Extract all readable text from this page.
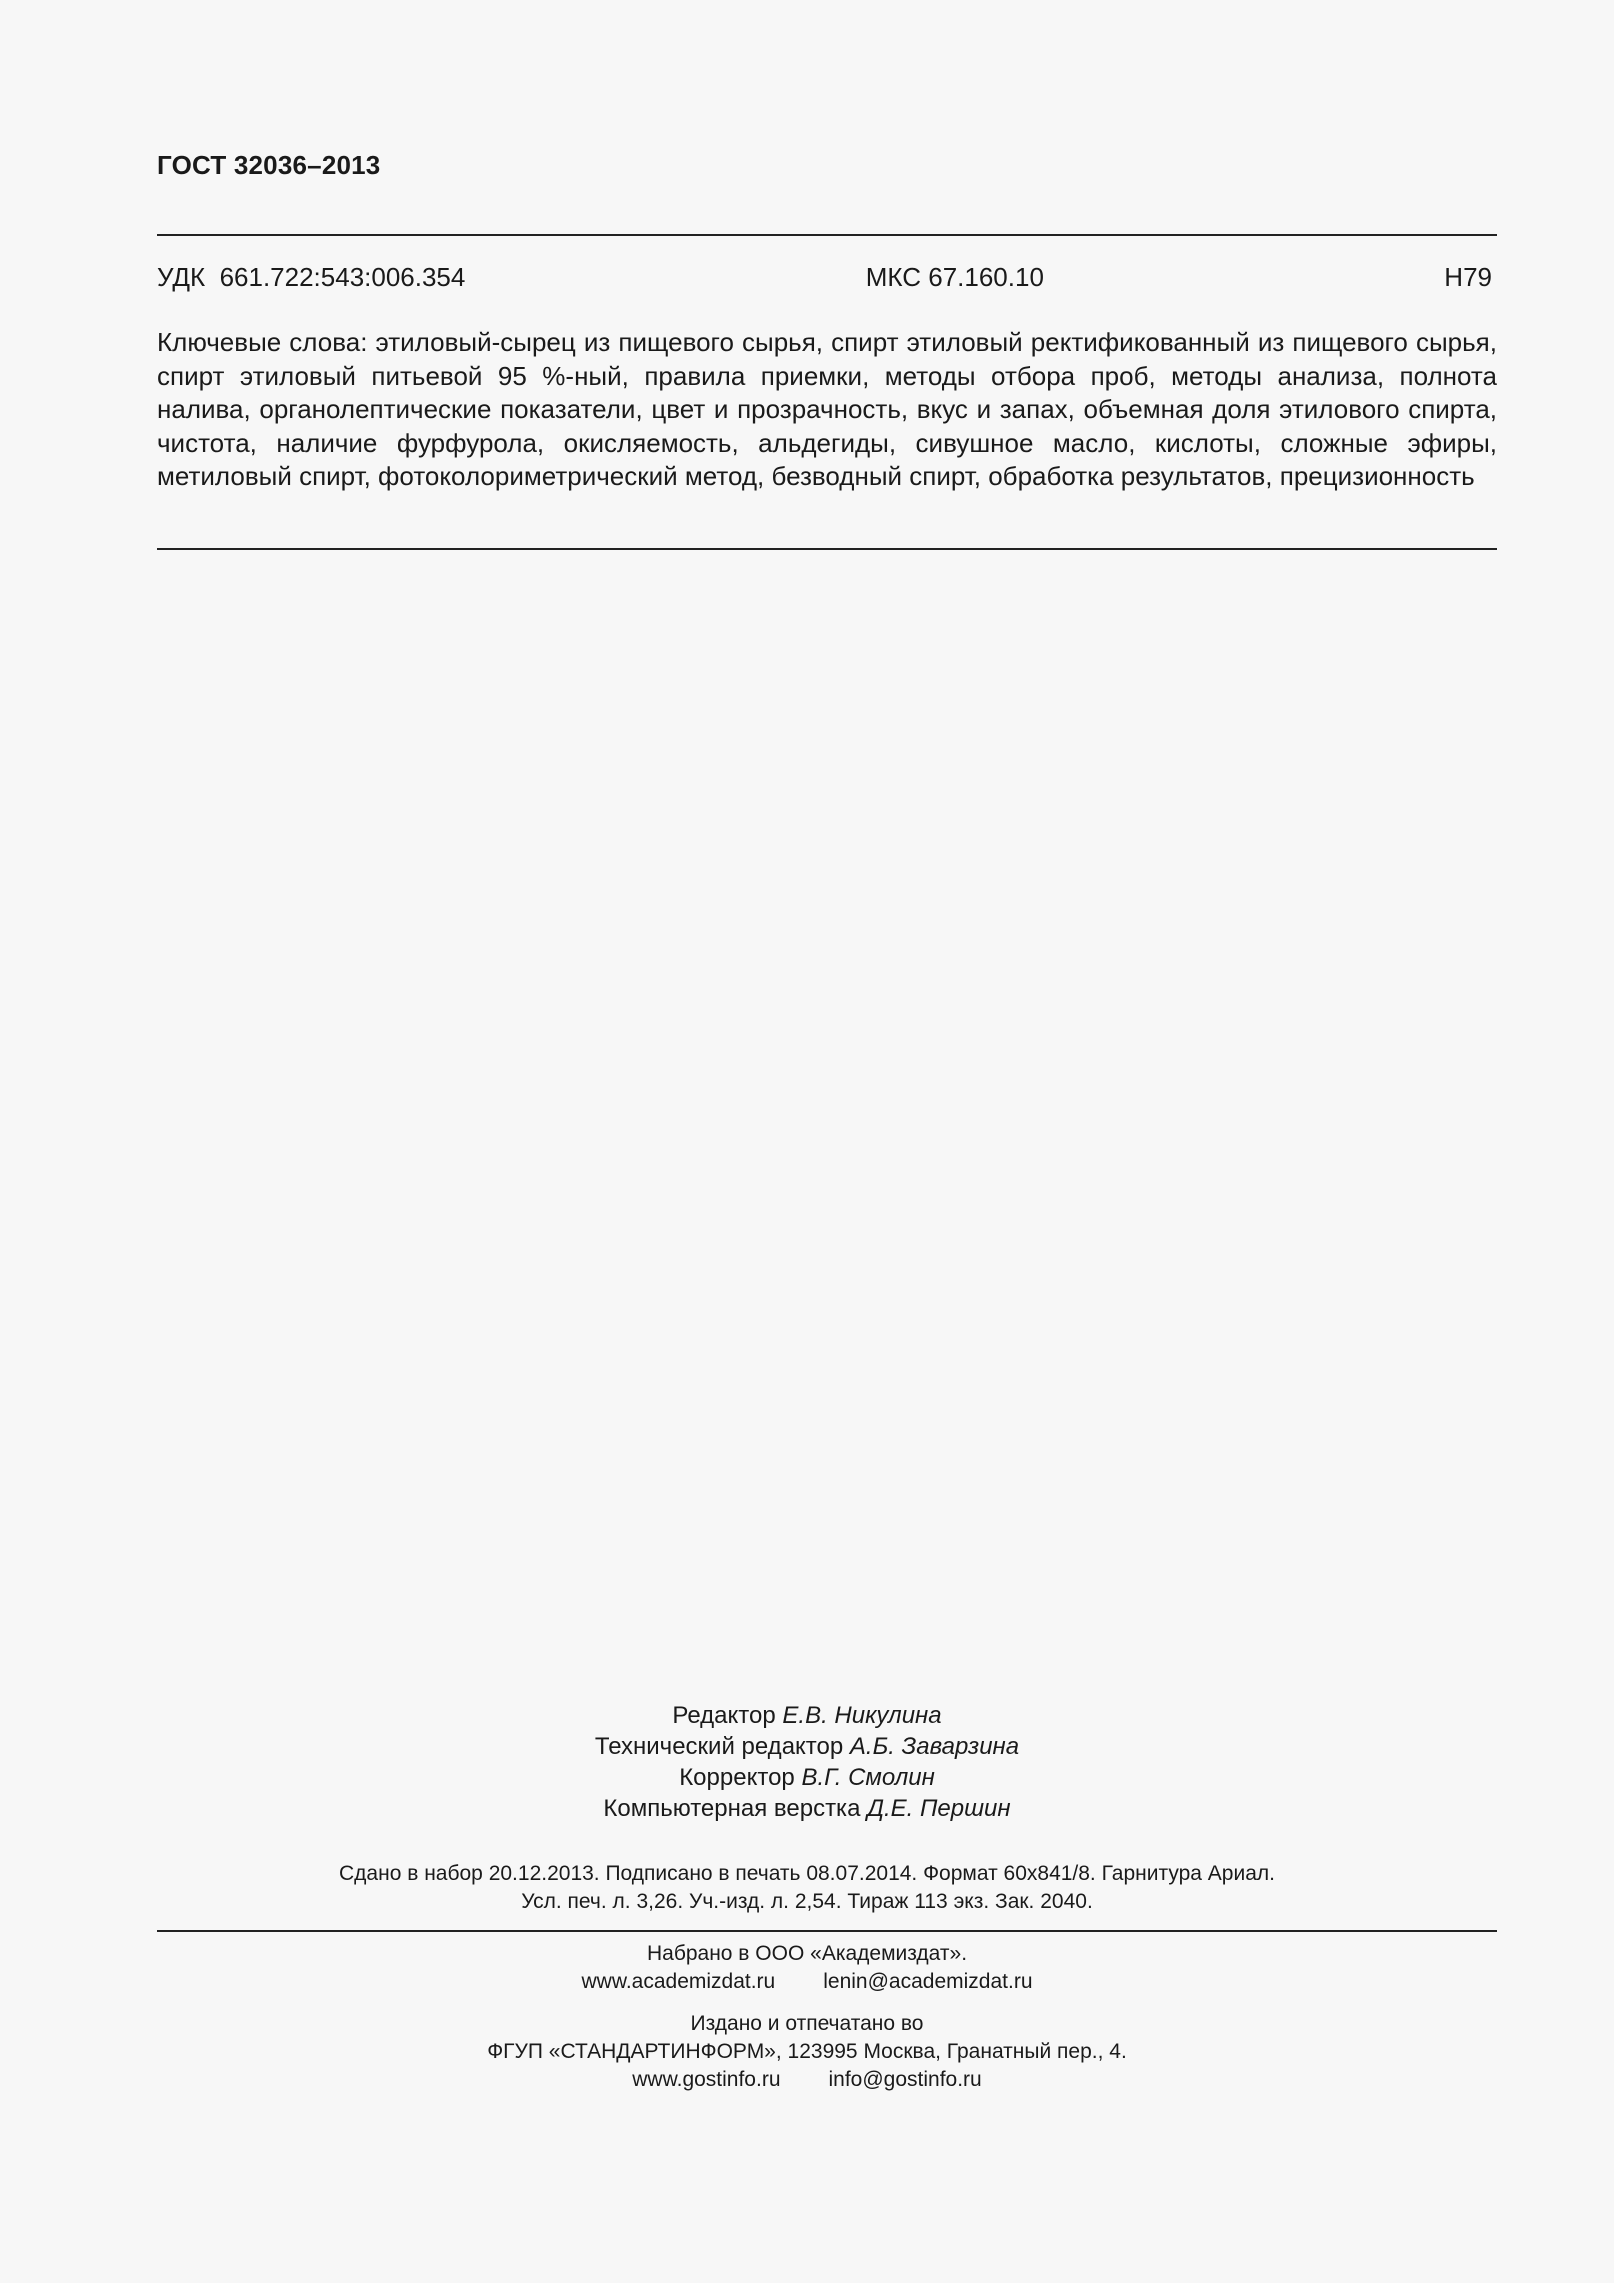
ГОСТ 32036–2013
УДК 661.722:543:006.354	МКС 67.160.10	Н79
Ключевые слова: этиловый-сырец из пищевого сырья, спирт этиловый ректификованный из пищевого сырья, спирт этиловый питьевой 95 %-ный, правила приемки, методы отбора проб, методы анализа, полнота налива, органолептические показатели, цвет и прозрачность, вкус и запах, объемная доля этилового спирта, чистота, наличие фурфурола, окисляемость, альдегиды, сивушное масло, кислоты, сложные эфиры, метиловый спирт, фотоколориметрический метод, безводный спирт, обработка результатов, прецизионность
Редактор Е.В. Никулина
Технический редактор А.Б. Заварзина
Корректор В.Г. Смолин
Компьютерная верстка Д.Е. Першин
Сдано в набор 20.12.2013. Подписано в печать 08.07.2014. Формат 60х841/8. Гарнитура Ариал.
Усл. печ. л. 3,26. Уч.-изд. л. 2,54. Тираж 113 экз. Зак. 2040.
Набрано в ООО «Академиздат».
www.academizdat.ru lenin@academizdat.ru
Издано и отпечатано во
ФГУП «СТАНДАРТИНФОРМ», 123995 Москва, Гранатный пер., 4.
www.gostinfo.ru info@gostinfo.ru
